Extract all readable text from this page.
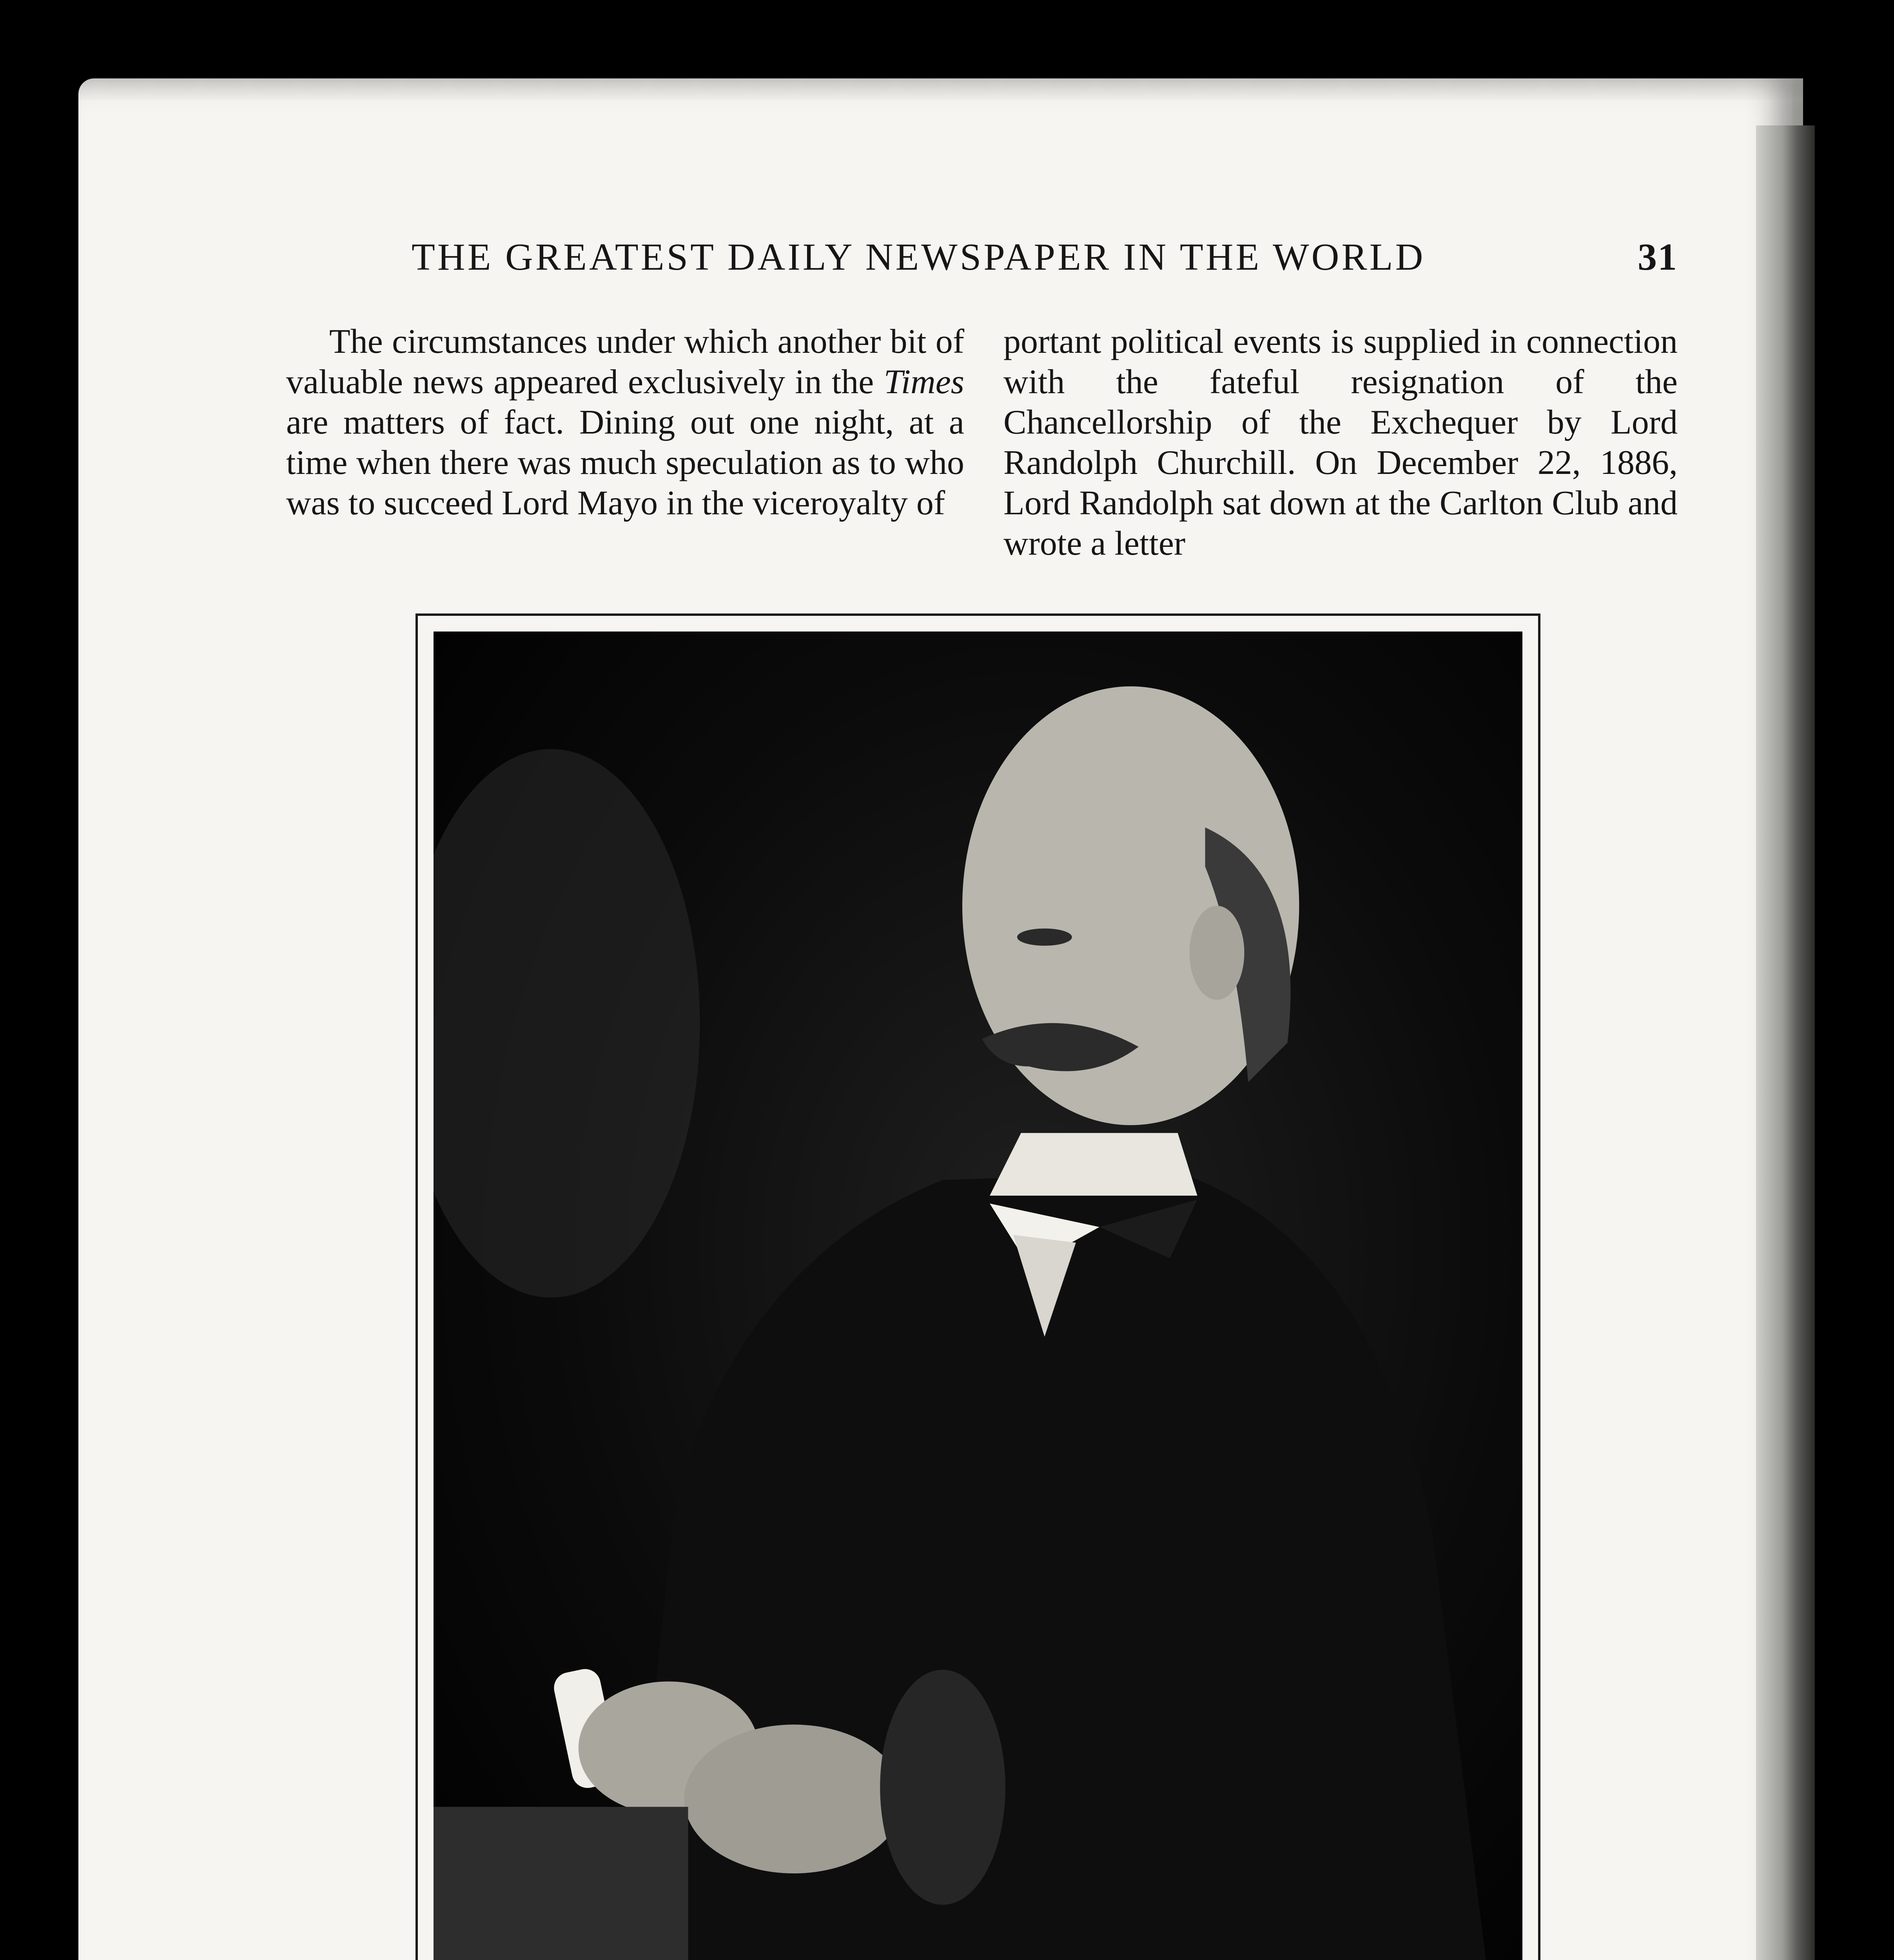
THE GREATEST DAILY NEWSPAPER IN THE WORLD	31

The circumstances under which another bit of valuable news appeared exclusively in the Times are matters of fact. Dining out one night, at a time when there was much speculation as to who was to succeed Lord Mayo in the viceroyalty of

portant political events is supplied in connection with the fateful resignation of the Chancellorship of the Exchequer by Lord Randolph Churchill. On December 22, 1886, Lord Randolph sat down at the Carlton Club and wrote a letter
